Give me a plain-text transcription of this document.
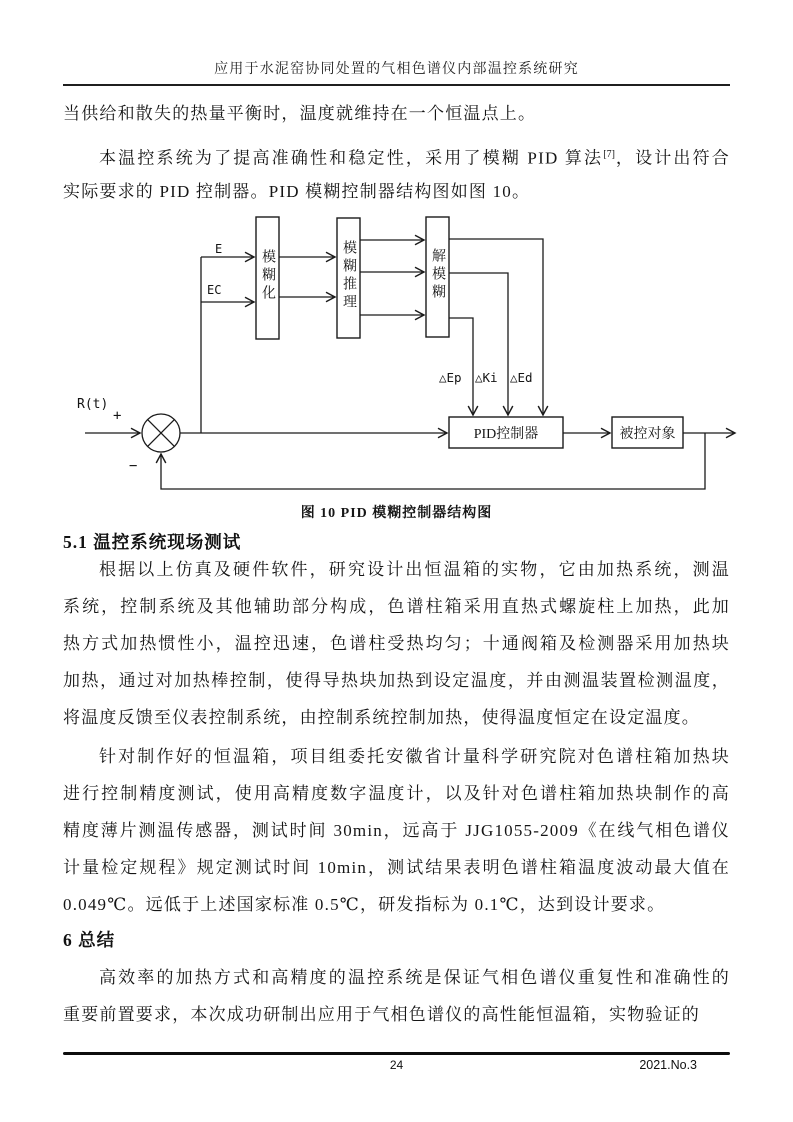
应用于水泥窑协同处置的气相色谱仪内部温控系统研究
当供给和散失的热量平衡时，温度就维持在一个恒温点上。
本温控系统为了提高准确性和稳定性，采用了模糊 PID 算法[7]，设计出符合
实际要求的 PID 控制器。PID 模糊控制器结构图如图 10。
模糊化	模糊推理	解模糊
PID控制器	被控对象
E
EC
R(t)
+
−
△Ep △Ki △Ed
图 10 PID 模糊控制器结构图
5.1 温控系统现场测试
根据以上仿真及硬件软件，研究设计出恒温箱的实物，它由加热系统，测温
系统，控制系统及其他辅助部分构成，色谱柱箱采用直热式螺旋柱上加热，此加
热方式加热惯性小，温控迅速，色谱柱受热均匀；十通阀箱及检测器采用加热块
加热，通过对加热棒控制，使得导热块加热到设定温度，并由测温装置检测温度，
将温度反馈至仪表控制系统，由控制系统控制加热，使得温度恒定在设定温度。
针对制作好的恒温箱，项目组委托安徽省计量科学研究院对色谱柱箱加热块
进行控制精度测试，使用高精度数字温度计，以及针对色谱柱箱加热块制作的高
精度薄片测温传感器，测试时间 30min，远高于 JJG1055-2009《在线气相色谱仪
计量检定规程》规定测试时间 10min，测试结果表明色谱柱箱温度波动最大值在
0.049℃。远低于上述国家标准 0.5℃，研发指标为 0.1℃，达到设计要求。
6 总结
高效率的加热方式和高精度的温控系统是保证气相色谱仪重复性和准确性的
重要前置要求，本次成功研制出应用于气相色谱仪的高性能恒温箱，实物验证的
24	2021.No.3
